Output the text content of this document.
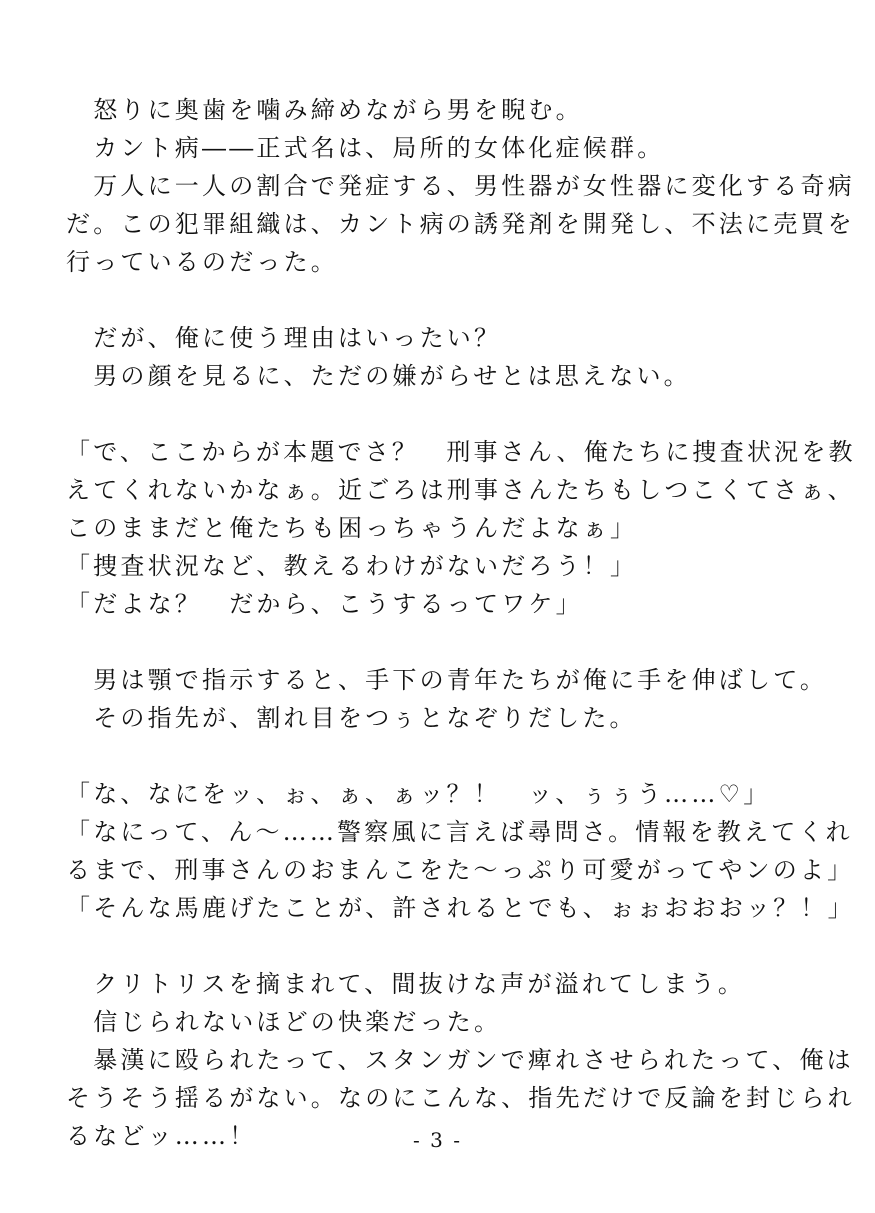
　怒りに奥歯を噛み締めながら男を睨む。
　カント病――正式名は、局所的女体化症候群。
　万人に一人の割合で発症する、男性器が女性器に変化する奇病
だ。この犯罪組織は、カント病の誘発剤を開発し、不法に売買を
行っているのだった。
　だが、俺に使う理由はいったい？
　男の顔を見るに、ただの嫌がらせとは思えない。
「で、ここからが本題でさ？　刑事さん、俺たちに捜査状況を教
えてくれないかなぁ。近ごろは刑事さんたちもしつこくてさぁ、
このままだと俺たちも困っちゃうんだよなぁ」
「捜査状況など、教えるわけがないだろう！」
「だよな？　だから、こうするってワケ」
　男は顎で指示すると、手下の青年たちが俺に手を伸ばして。
　その指先が、割れ目をつぅとなぞりだした。
「な、なにをッ、ぉ、ぁ、ぁッ？！　ッ、ぅぅう……♡」
「なにって、ん～……警察風に言えば尋問さ。情報を教えてくれ
るまで、刑事さんのおまんこをた～っぷり可愛がってやンのよ」
「そんな馬鹿げたことが、許されるとでも、ぉぉおおおッ？！」
　クリトリスを摘まれて、間抜けな声が溢れてしまう。
　信じられないほどの快楽だった。
　暴漢に殴られたって、スタンガンで痺れさせられたって、俺は
そうそう揺るがない。なのにこんな、指先だけで反論を封じられ
るなどッ……！	- 3 -
